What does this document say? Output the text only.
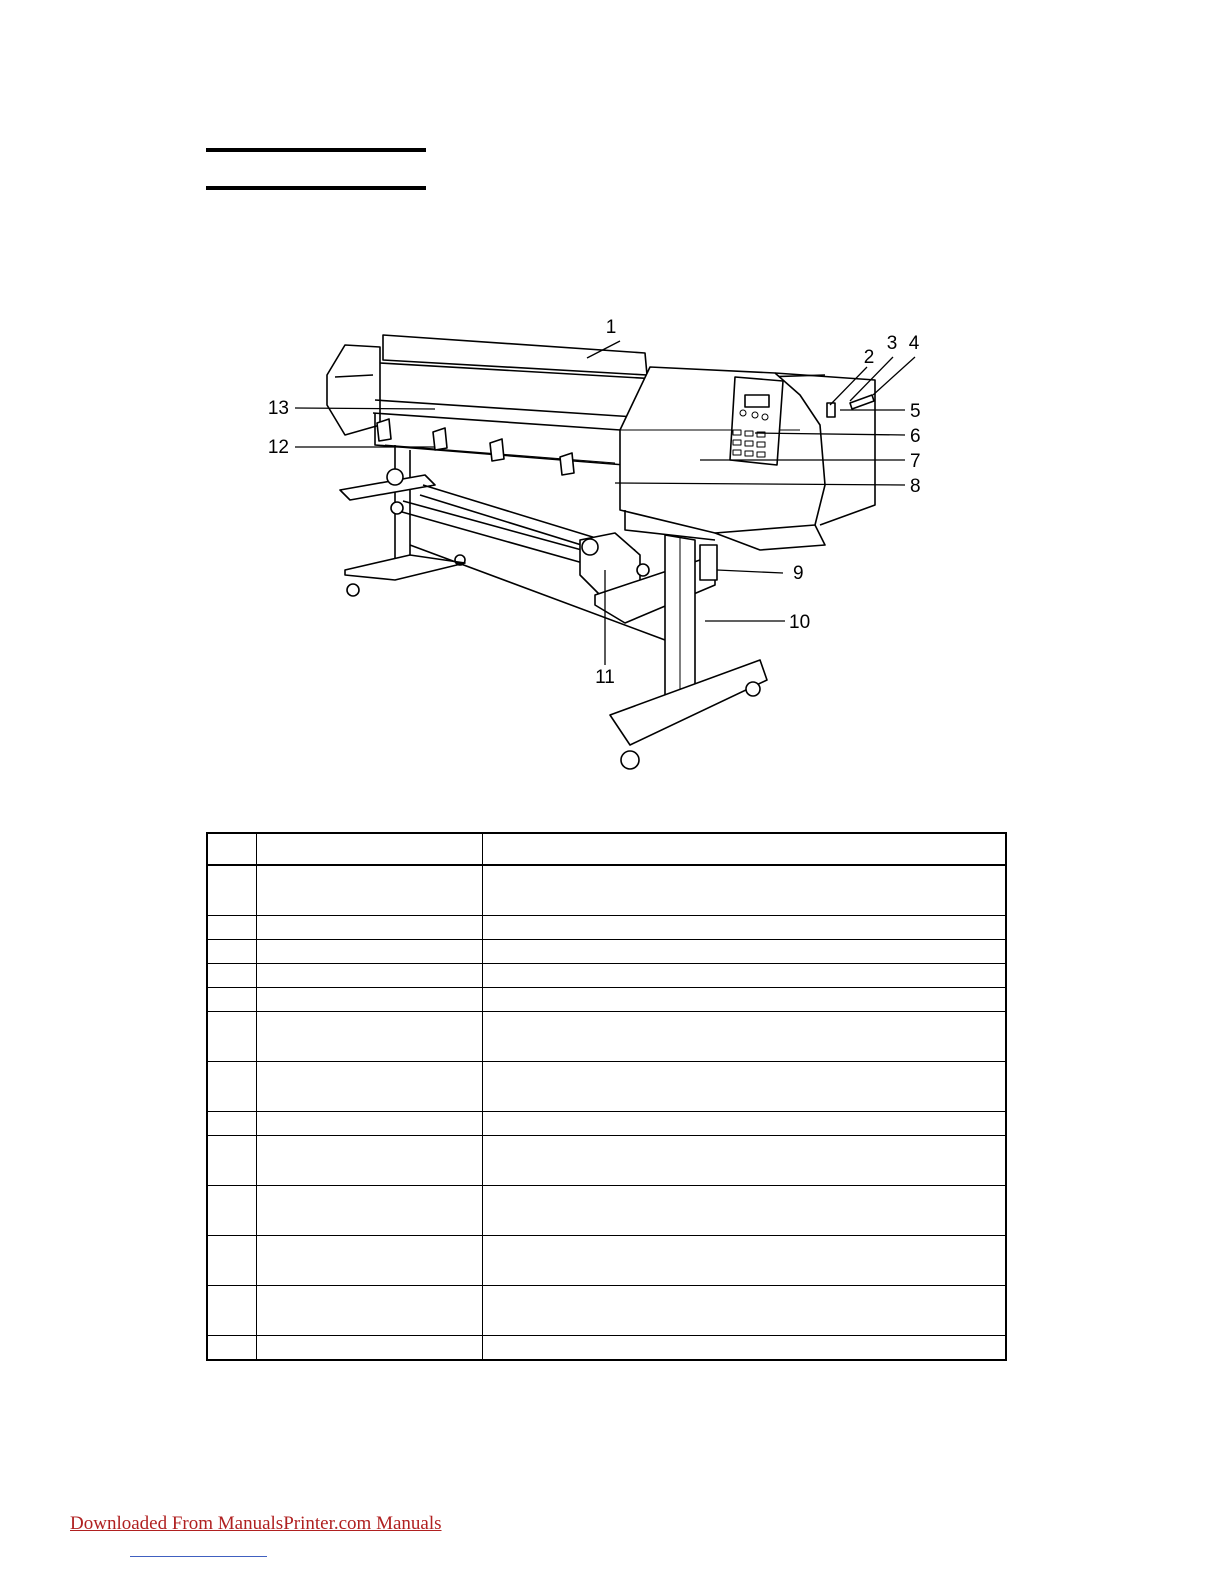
1
2
3 4
5
6
7
8
9
10
11
12
13

Downloaded From ManualsPrinter.com Manuals
